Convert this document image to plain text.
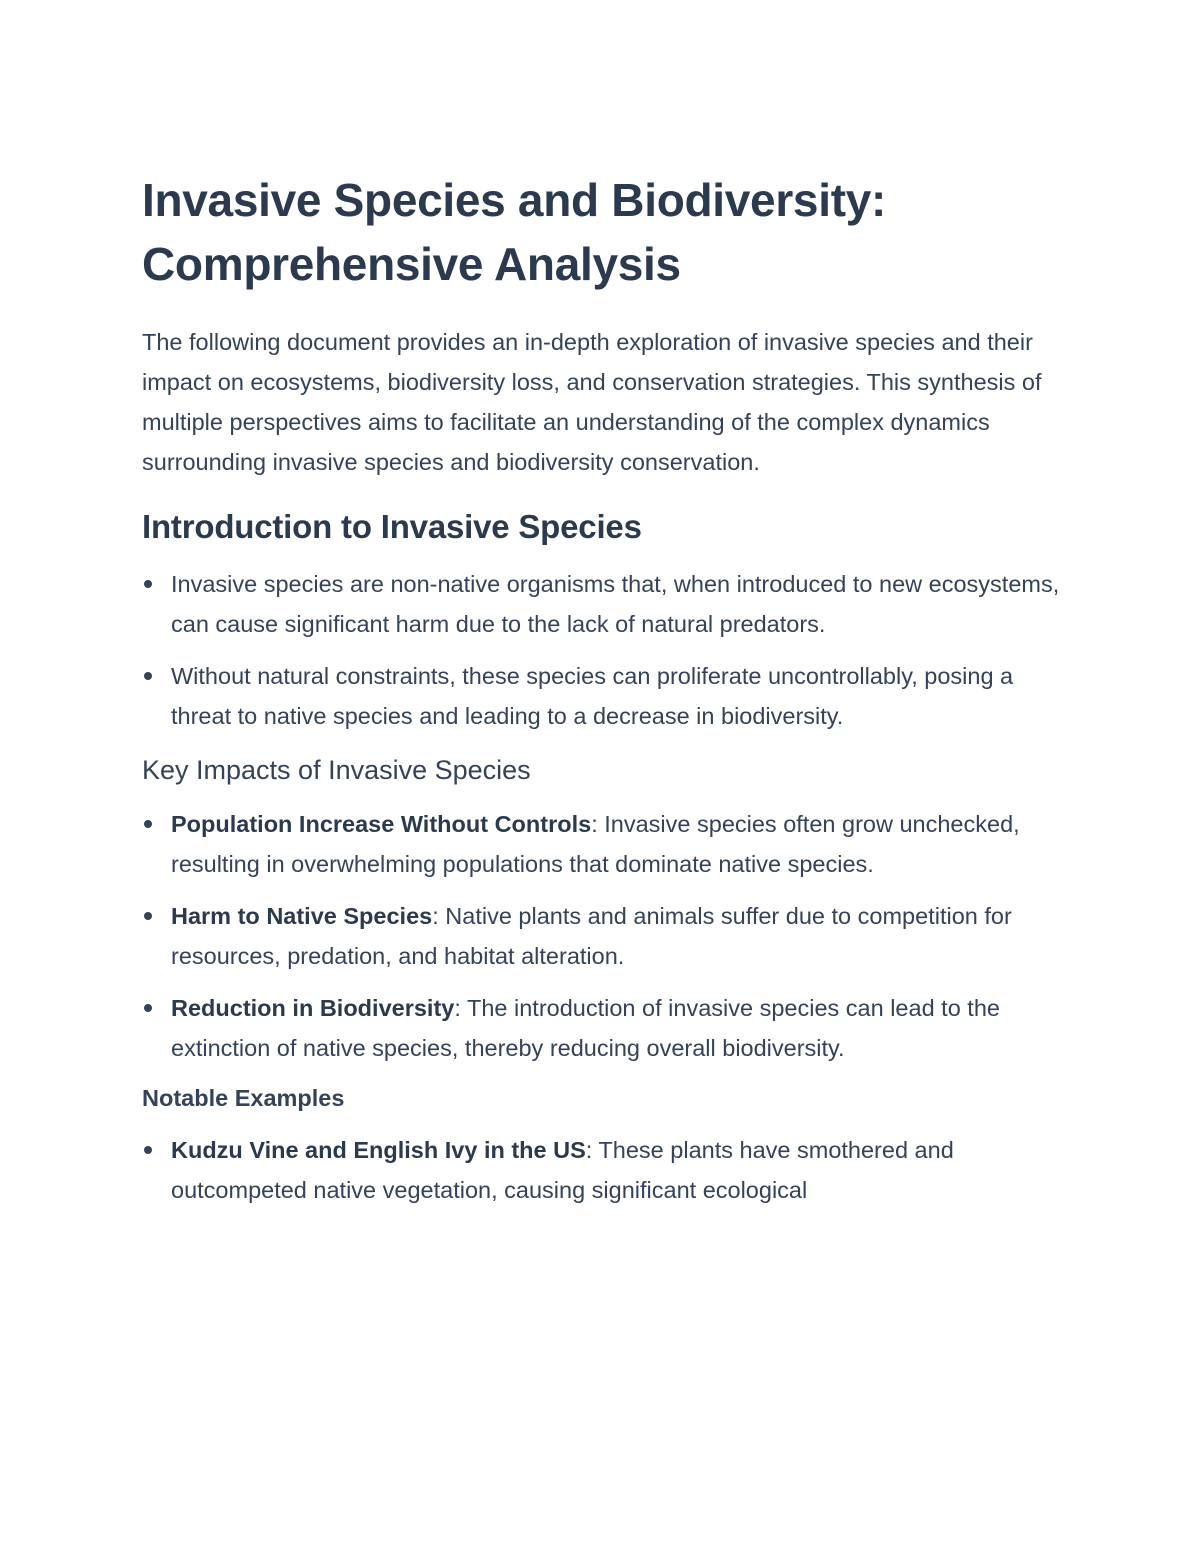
Invasive Species and Biodiversity: Comprehensive Analysis

The following document provides an in-depth exploration of invasive species and their impact on ecosystems, biodiversity loss, and conservation strategies. This synthesis of multiple perspectives aims to facilitate an understanding of the complex dynamics surrounding invasive species and biodiversity conservation.

Introduction to Invasive Species
Invasive species are non-native organisms that, when introduced to new ecosystems, can cause significant harm due to the lack of natural predators.
Without natural constraints, these species can proliferate uncontrollably, posing a threat to native species and leading to a decrease in biodiversity.
Key Impacts of Invasive Species
Population Increase Without Controls: Invasive species often grow unchecked, resulting in overwhelming populations that dominate native species.
Harm to Native Species: Native plants and animals suffer due to competition for resources, predation, and habitat alteration.
Reduction in Biodiversity: The introduction of invasive species can lead to the extinction of native species, thereby reducing overall biodiversity.
Notable Examples
Kudzu Vine and English Ivy in the US: These plants have smothered and outcompeted native vegetation, causing significant ecological
